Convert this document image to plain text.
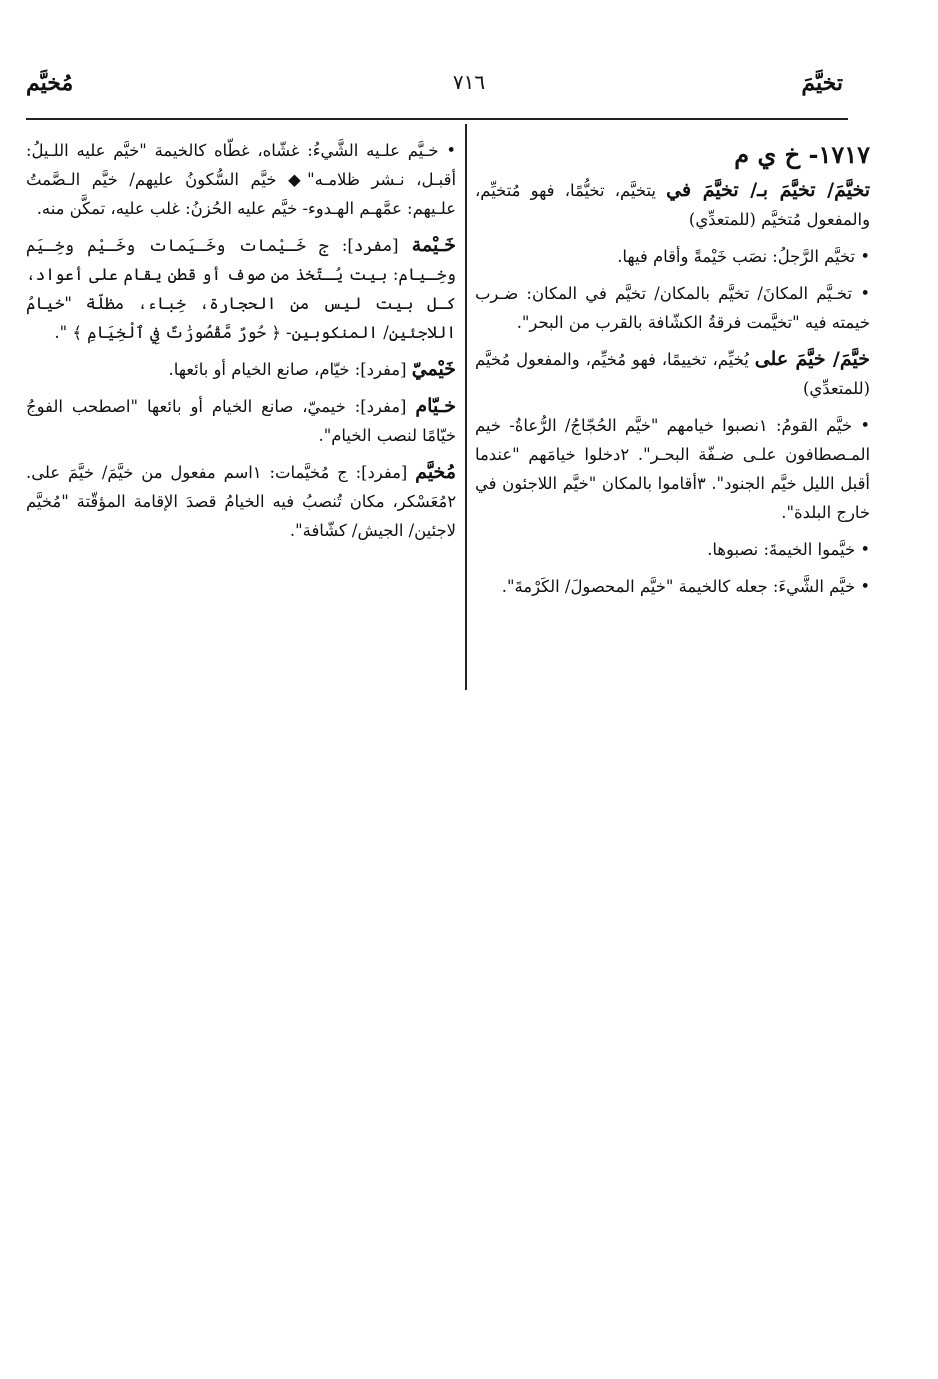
تخيَّمَ
٧١٦
مُخيَّم
١٧١٧- خ ي م

تخيَّمَ/ تخيَّمَ بـ/ تخيَّمَ في يتخيَّم، تخيُّمًا، فهو مُتخيِّم، والمفعول مُتخيَّم (للمتعدِّي)

• تخيَّم الرَّجلُ: نصَب خَيْمةً وأقام فيها.

• تخـيَّم المكانَ/ تخيَّم بالمكان/ تخيَّم في المكان: ضـرب خيمته فيه "تخيَّمت فرقةُ الكشّافة بالقرب من البحر".

خيَّمَ/ خيَّمَ على يُخيِّم، تخييمًا، فهو مُخيِّم، والمفعول مُخيَّم (للمتعدِّي)

• خيَّم القومُ: ١نصبوا خيامهم "خيَّم الحُجّاجُ/ الرُّعاةُ- خيم المـصطافون علـى ضـفّة البحـر". ٢دخلوا خيامَهم "عندما أقبل الليل خيَّم الجنود". ٣أقاموا بالمكان "خيَّم اللاجئون في خارج البلدة".

• خيَّموا الخيمةَ: نصبوها.

• خيَّم الشَّيءَ: جعله كالخيمة "خيَّم المحصولَ/ الكَرْمةَ".

• خـيَّم علـيه الشَّيءُ: غشّاه، غطّاه كالخيمة "خيَّم عليه اللـيلُ: أقبـل، نـشر ظلامـه"◆ خيَّم السُّكونُ عليهم/ خيَّم الـصَّمتُ علـيهم: عمَّهـم الهـدوء- خيَّم عليه الحُزنُ: غلب عليه، تمكَّن منه.

خَـيْمة [مفرد]: ج خَـيْمات وخَـيَمات وخَـيْم وخِـيَم وخِـيام: بيت يُـتّخذ من صوف أو قطن يقام على أعواد، كـل بيت ليس من الحجارة، خِباء، مظلّة "خيامُ اللاجئين/ المنكوبين- ﴿ حُورٌ مَّقْصُورَٰتٌ فِي ٱلْخِيَامِ ﴾ ".

خَيْميّ [مفرد]: خيّام، صانع الخيام أو بائعها.

خـيّام [مفرد]: خيميّ، صانع الخيام أو بائعها "اصطحب الفوجُ خيّامًا لنصب الخيام".

مُخيَّم [مفرد]: ج مُخيَّمات: ١اسم مفعول من خيَّمَ/ خيَّمَ على. ٢مُعَسْكر، مكان تُنصبُ فيه الخيامُ قصدَ الإقامة المؤقّتة "مُخيَّم لاجئين/ الجيش/ كشّافة".
